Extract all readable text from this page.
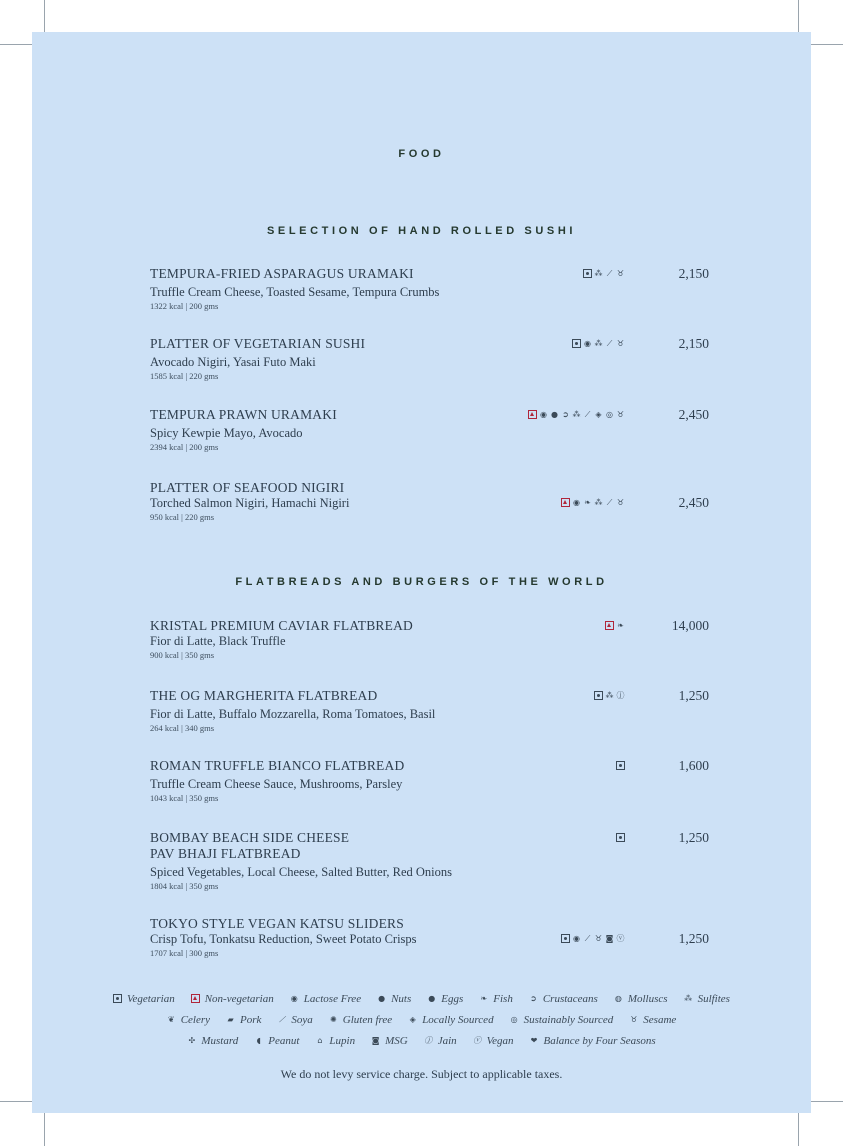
FOOD
SELECTION OF HAND ROLLED SUSHI
TEMPURA-FRIED ASPARAGUS URAMAKI
Truffle Cream Cheese, Toasted Sesame, Tempura Crumbs
1322 kcal | 200 gms
⁂ ⟋ ♉	2,150
PLATTER OF VEGETARIAN SUSHI
Avocado Nigiri, Yasai Futo Maki
1585 kcal | 220 gms
◉ ⁂ ⟋ ♉	2,150
TEMPURA PRAWN URAMAKI
Spicy Kewpie Mayo, Avocado
2394 kcal | 200 gms
◉ ● ➲ ⁂ ⟋ ◈ ◎ ♉	2,450
PLATTER OF SEAFOOD NIGIRI
Torched Salmon Nigiri, Hamachi Nigiri
950 kcal | 220 gms
◉ ❧ ⁂ ⟋ ♉	2,450
FLATBREADS AND BURGERS OF THE WORLD
KRISTAL PREMIUM CAVIAR FLATBREAD
Fior di Latte, Black Truffle
900 kcal | 350 gms
❧	14,000
THE OG MARGHERITA FLATBREAD
Fior di Latte, Buffalo Mozzarella, Roma Tomatoes, Basil
264 kcal | 340 gms
⁂ ⓙ	1,250
ROMAN TRUFFLE BIANCO FLATBREAD
Truffle Cream Cheese Sauce, Mushrooms, Parsley
1043 kcal | 350 gms
1,600
BOMBAY BEACH SIDE CHEESE
PAV BHAJI FLATBREAD
Spiced Vegetables, Local Cheese, Salted Butter, Red Onions
1804 kcal | 350 gms
1,250
TOKYO STYLE VEGAN KATSU SLIDERS
Crisp Tofu, Tonkatsu Reduction, Sweet Potato Crisps
1707 kcal | 300 gms
◉ ⟋ ♉ ◙ ⓥ	1,250
Vegetarian	Non-vegetarian ◉ Lactose Free ● Nuts ● Eggs ❧ Fish ➲ Crustaceans ◍ Molluscs ⁂ Sulfites
❦ Celery ▰ Pork ⟋ Soya ✺ Gluten free ◈ Locally Sourced ◎ Sustainably Sourced ♉ Sesame
✣ Mustard ◖ Peanut ⌂ Lupin ◙ MSG ⓙ Jain ⓥ Vegan ❤ Balance by Four Seasons
We do not levy service charge. Subject to applicable taxes.
